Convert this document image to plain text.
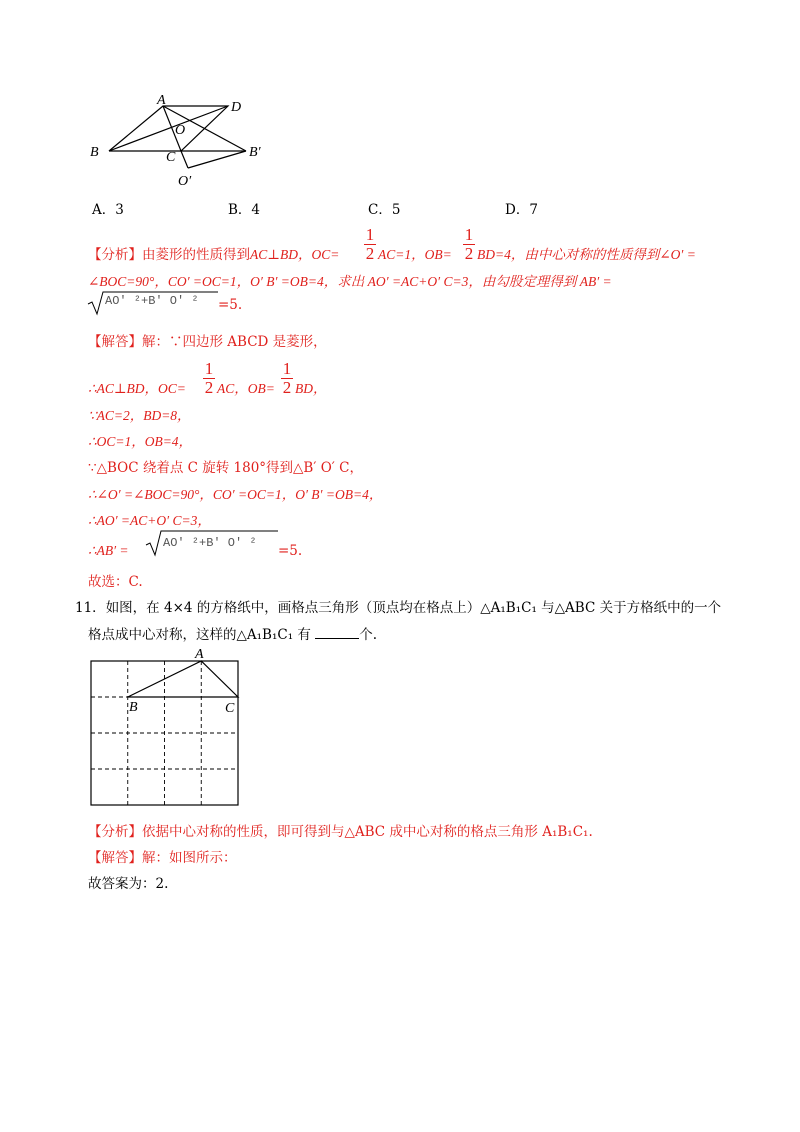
A	D
O
B	C	B′
O′
A．3	B．4	C．5	D．7
【分析】由菱形的性质得到AC⊥BD，OC=
1
2 AC=1，OB=
1
2 BD=4，由中心对称的性质得到∠O′ =
∠BOC=90°，CO′ =OC=1，O′ B′ =OB=4，求出 AO′ =AC+O′ C=3，由勾股定理得到 AB′ =
AO′ ²+B′ O′ ² =5.
【解答】解：∵四边形 ABCD 是菱形，
∴AC⊥BD，OC=
1
2 AC，OB=
1
2 BD，
∵AC=2，BD=8，
∴OC=1，OB=4，
∵△BOC 绕着点 C 旋转 180°得到△B′ O′ C，
∴∠O′ =∠BOC=90°，CO′ =OC=1，O′ B′ =OB=4，
∴AO′ =AC+O′ C=3，
∴AB′ =	AO′ ²+B′ O′ ² =5.
故选：C.
11．如图，在 4×4 的方格纸中，画格点三角形（顶点均在格点上）△A₁B₁C₁ 与△ABC 关于方格纸中的一个
格点成中心对称，这样的△A₁B₁C₁ 有	个.
A
B	C
【分析】依据中心对称的性质，即可得到与△ABC 成中心对称的格点三角形 A₁B₁C₁.
【解答】解：如图所示：
故答案为：2.
